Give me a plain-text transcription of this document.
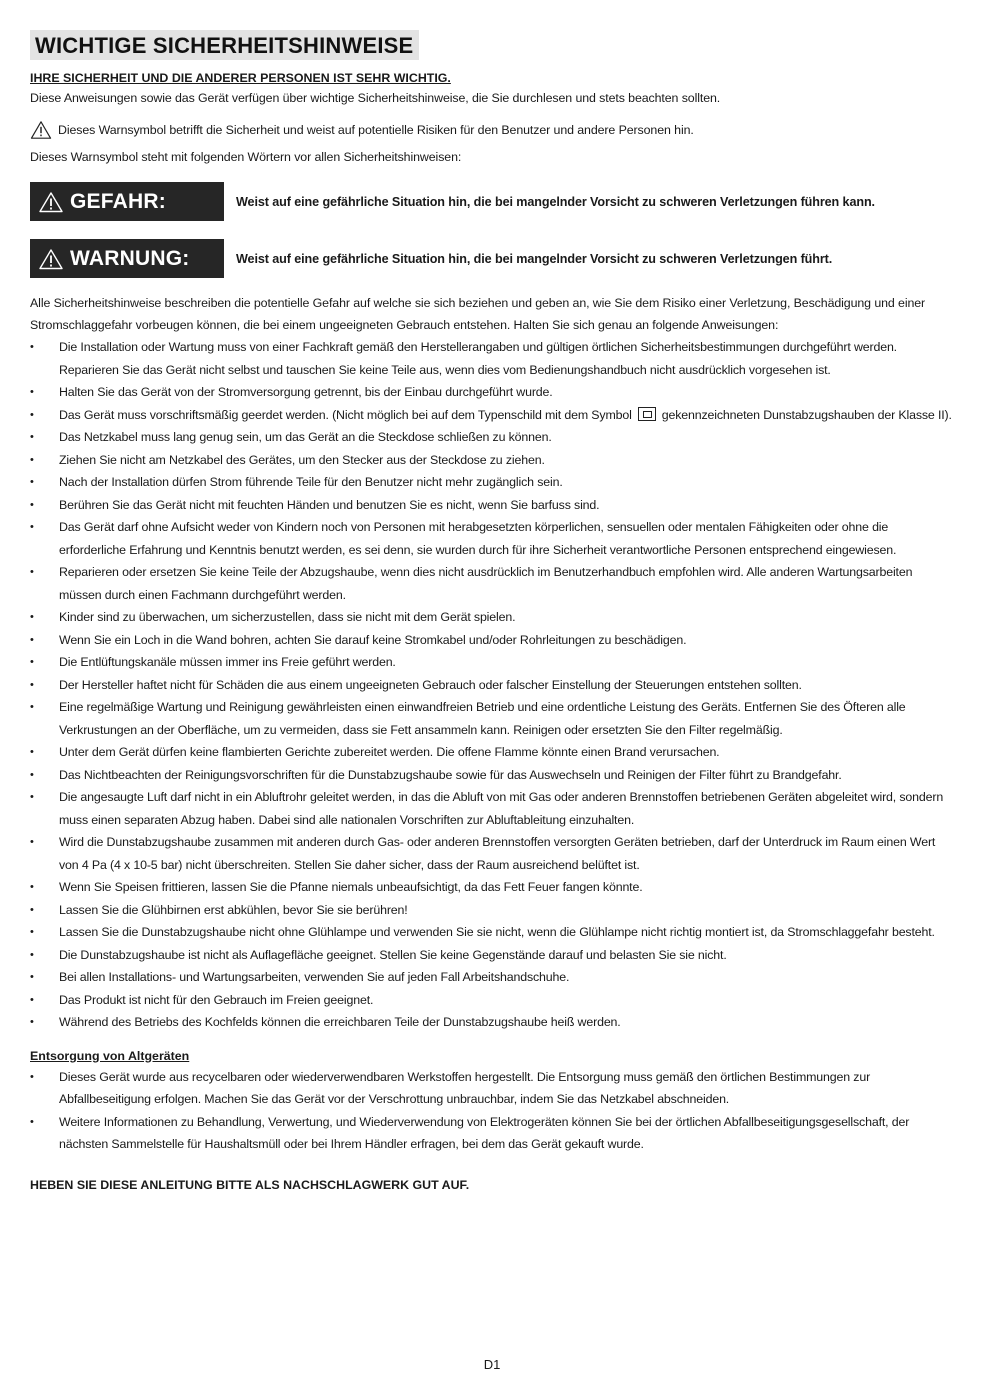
WICHTIGE SICHERHEITSHINWEISE
IHRE SICHERHEIT UND DIE ANDERER PERSONEN IST SEHR WICHTIG.

Diese Anweisungen sowie das Gerät verfügen über wichtige Sicherheitshinweise, die Sie durchlesen und stets beachten sollten.

Dieses Warnsymbol betrifft die Sicherheit und weist auf potentielle Risiken für den Benutzer und andere Personen hin.

Dieses Warnsymbol steht mit folgenden Wörtern vor allen Sicherheitshinweisen:

GEFAHR:	Weist auf eine gefährliche Situation hin, die bei mangelnder Vorsicht zu schweren Verletzungen führen kann.
WARNUNG:	Weist auf eine gefährliche Situation hin, die bei mangelnder Vorsicht zu schweren Verletzungen führt.

Alle Sicherheitshinweise beschreiben die potentielle Gefahr auf welche sie sich beziehen und geben an, wie Sie dem Risiko einer Verletzung, Beschädigung und einer Stromschlaggefahr vorbeugen können, die bei einem ungeeigneten Gebrauch entstehen. Halten Sie sich genau an folgende Anweisungen:

• Die Installation oder Wartung muss von einer Fachkraft gemäß den Herstellerangaben und gültigen örtlichen Sicherheitsbestimmungen durchgeführt werden. Reparieren Sie das Gerät nicht selbst und tauschen Sie keine Teile aus, wenn dies vom Bedienungshandbuch nicht ausdrücklich vorgesehen ist.
• Halten Sie das Gerät von der Stromversorgung getrennt, bis der Einbau durchgeführt wurde.
• Das Gerät muss vorschriftsmäßig geerdet werden. (Nicht möglich bei auf dem Typenschild mit dem Symbol gekennzeichneten Dunstabzugshauben der Klasse II).
• Das Netzkabel muss lang genug sein, um das Gerät an die Steckdose schließen zu können.
• Ziehen Sie nicht am Netzkabel des Gerätes, um den Stecker aus der Steckdose zu ziehen.
• Nach der Installation dürfen Strom führende Teile für den Benutzer nicht mehr zugänglich sein.
• Berühren Sie das Gerät nicht mit feuchten Händen und benutzen Sie es nicht, wenn Sie barfuss sind.
• Das Gerät darf ohne Aufsicht weder von Kindern noch von Personen mit herabgesetzten körperlichen, sensuellen oder mentalen Fähigkeiten oder ohne die erforderliche Erfahrung und Kenntnis benutzt werden, es sei denn, sie wurden durch für ihre Sicherheit verantwortliche Personen entsprechend eingewiesen.
• Reparieren oder ersetzen Sie keine Teile der Abzugshaube, wenn dies nicht ausdrücklich im Benutzerhandbuch empfohlen wird. Alle anderen Wartungsarbeiten müssen durch einen Fachmann durchgeführt werden.
• Kinder sind zu überwachen, um sicherzustellen, dass sie nicht mit dem Gerät spielen.
• Wenn Sie ein Loch in die Wand bohren, achten Sie darauf keine Stromkabel und/oder Rohrleitungen zu beschädigen.
• Die Entlüftungskanäle müssen immer ins Freie geführt werden.
• Der Hersteller haftet nicht für Schäden die aus einem ungeeigneten Gebrauch oder falscher Einstellung der Steuerungen entstehen sollten.
• Eine regelmäßige Wartung und Reinigung gewährleisten einen einwandfreien Betrieb und eine ordentliche Leistung des Geräts. Entfernen Sie des Öfteren alle Verkrustungen an der Oberfläche, um zu vermeiden, dass sie Fett ansammeln kann. Reinigen oder ersetzten Sie den Filter regelmäßig.
• Unter dem Gerät dürfen keine flambierten Gerichte zubereitet werden. Die offene Flamme könnte einen Brand verursachen.
• Das Nichtbeachten der Reinigungsvorschriften für die Dunstabzugshaube sowie für das Auswechseln und Reinigen der Filter führt zu Brandgefahr.
• Die angesaugte Luft darf nicht in ein Abluftrohr geleitet werden, in das die Abluft von mit Gas oder anderen Brennstoffen betriebenen Geräten abgeleitet wird, sondern muss einen separaten Abzug haben. Dabei sind alle nationalen Vorschriften zur Abluftableitung einzuhalten.
• Wird die Dunstabzugshaube zusammen mit anderen durch Gas- oder anderen Brennstoffen versorgten Geräten betrieben, darf der Unterdruck im Raum einen Wert von 4 Pa (4 x 10-5 bar) nicht überschreiten. Stellen Sie daher sicher, dass der Raum ausreichend belüftet ist.
• Wenn Sie Speisen frittieren, lassen Sie die Pfanne niemals unbeaufsichtigt, da das Fett Feuer fangen könnte.
• Lassen Sie die Glühbirnen erst abkühlen, bevor Sie sie berühren!
• Lassen Sie die Dunstabzugshaube nicht ohne Glühlampe und verwenden Sie sie nicht, wenn die Glühlampe nicht richtig montiert ist, da Stromschlaggefahr besteht.
• Die Dunstabzugshaube ist nicht als Auflagefläche geeignet. Stellen Sie keine Gegenstände darauf und belasten Sie sie nicht.
• Bei allen Installations- und Wartungsarbeiten, verwenden Sie auf jeden Fall Arbeitshandschuhe.
• Das Produkt ist nicht für den Gebrauch im Freien geeignet.
• Während des Betriebs des Kochfelds können die erreichbaren Teile der Dunstabzugshaube heiß werden.
Entsorgung von Altgeräten
• Dieses Gerät wurde aus recycelbaren oder wiederverwendbaren Werkstoffen hergestellt. Die Entsorgung muss gemäß den örtlichen Bestimmungen zur Abfallbeseitigung erfolgen. Machen Sie das Gerät vor der Verschrottung unbrauchbar, indem Sie das Netzkabel abschneiden.
• Weitere Informationen zu Behandlung, Verwertung, und Wiederverwendung von Elektrogeräten können Sie bei der örtlichen Abfallbeseitigungsgesellschaft, der nächsten Sammelstelle für Haushaltsmüll oder bei Ihrem Händler erfragen, bei dem das Gerät gekauft wurde.
HEBEN SIE DIESE ANLEITUNG BITTE ALS NACHSCHLAGWERK GUT AUF.
D1
